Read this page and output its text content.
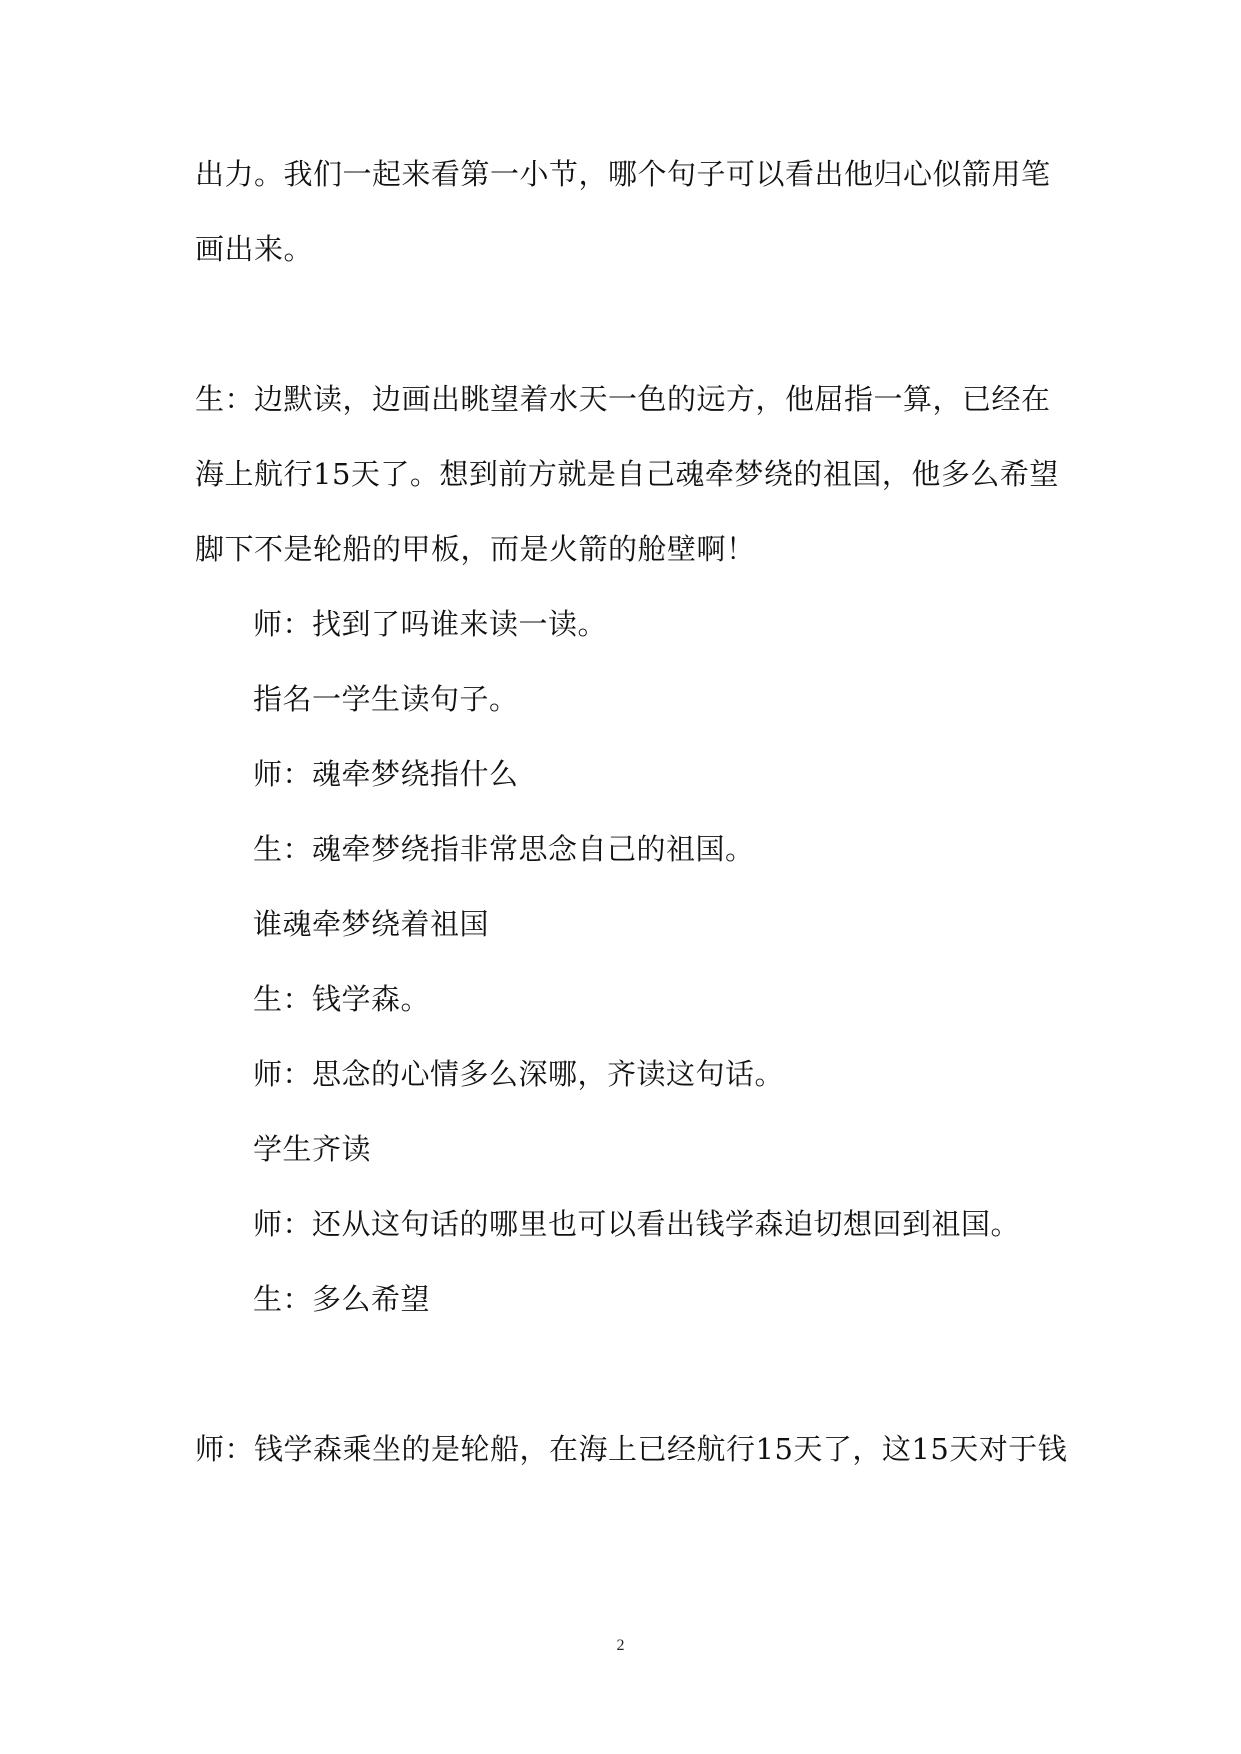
出力。我们一起来看第一小节，哪个句子可以看出他归心似箭用笔

画出来。

生：边默读，边画出眺望着水天一色的远方，他屈指一算，已经在

海上航行15天了。想到前方就是自己魂牵梦绕的祖国，他多么希望

脚下不是轮船的甲板，而是火箭的舱壁啊！

师：找到了吗谁来读一读。

指名一学生读句子。

师：魂牵梦绕指什么

生：魂牵梦绕指非常思念自己的祖国。

谁魂牵梦绕着祖国

生：钱学森。

师：思念的心情多么深哪，齐读这句话。

学生齐读

师：还从这句话的哪里也可以看出钱学森迫切想回到祖国。

生：多么希望

师：钱学森乘坐的是轮船，在海上已经航行15天了，这15天对于钱

2
